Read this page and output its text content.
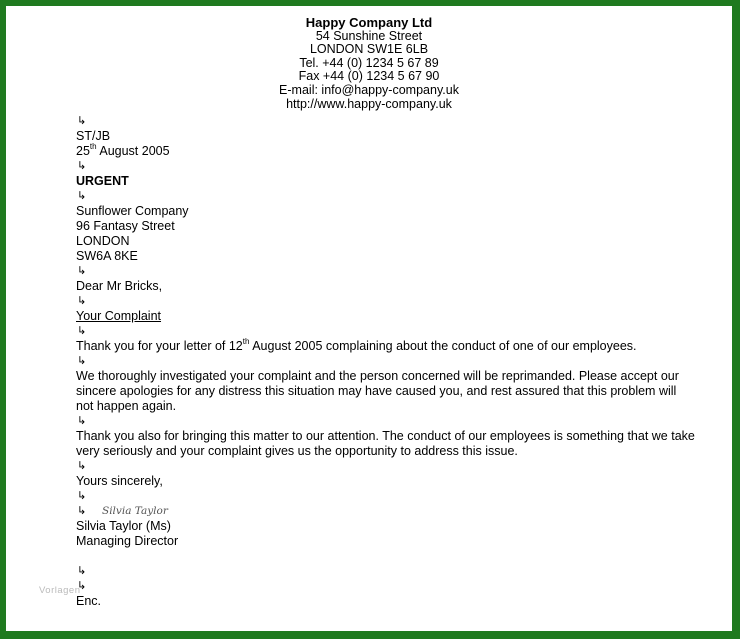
Happy Company Ltd
54 Sunshine Street
LONDON SW1E 6LB
Tel. +44 (0) 1234 5 67 89
Fax +44 (0) 1234 5 67 90
E-mail: info@happy-company.uk
http://www.happy-company.uk
↳
ST/JB
25th August 2005
↳
URGENT
↳
Sunflower Company
96 Fantasy Street
LONDON
SW6A 8KE
↳
Dear Mr Bricks,
↳
Your Complaint
↳
Thank you for your letter of 12th August 2005 complaining about the conduct of one of our employees.
↳
We thoroughly investigated your complaint and the person concerned will be reprimanded. Please accept our sincere apologies for any distress this situation may have caused you, and rest assured that this problem will not happen again.
↳
Thank you also for bringing this matter to our attention. The conduct of our employees is something that we take very seriously and your complaint gives us the opportunity to address this issue.
↳
Yours sincerely,
↳
↳	Silvia Taylor
Silvia Taylor (Ms)
Managing Director
↳
↳
Enc.
Vorlagen
